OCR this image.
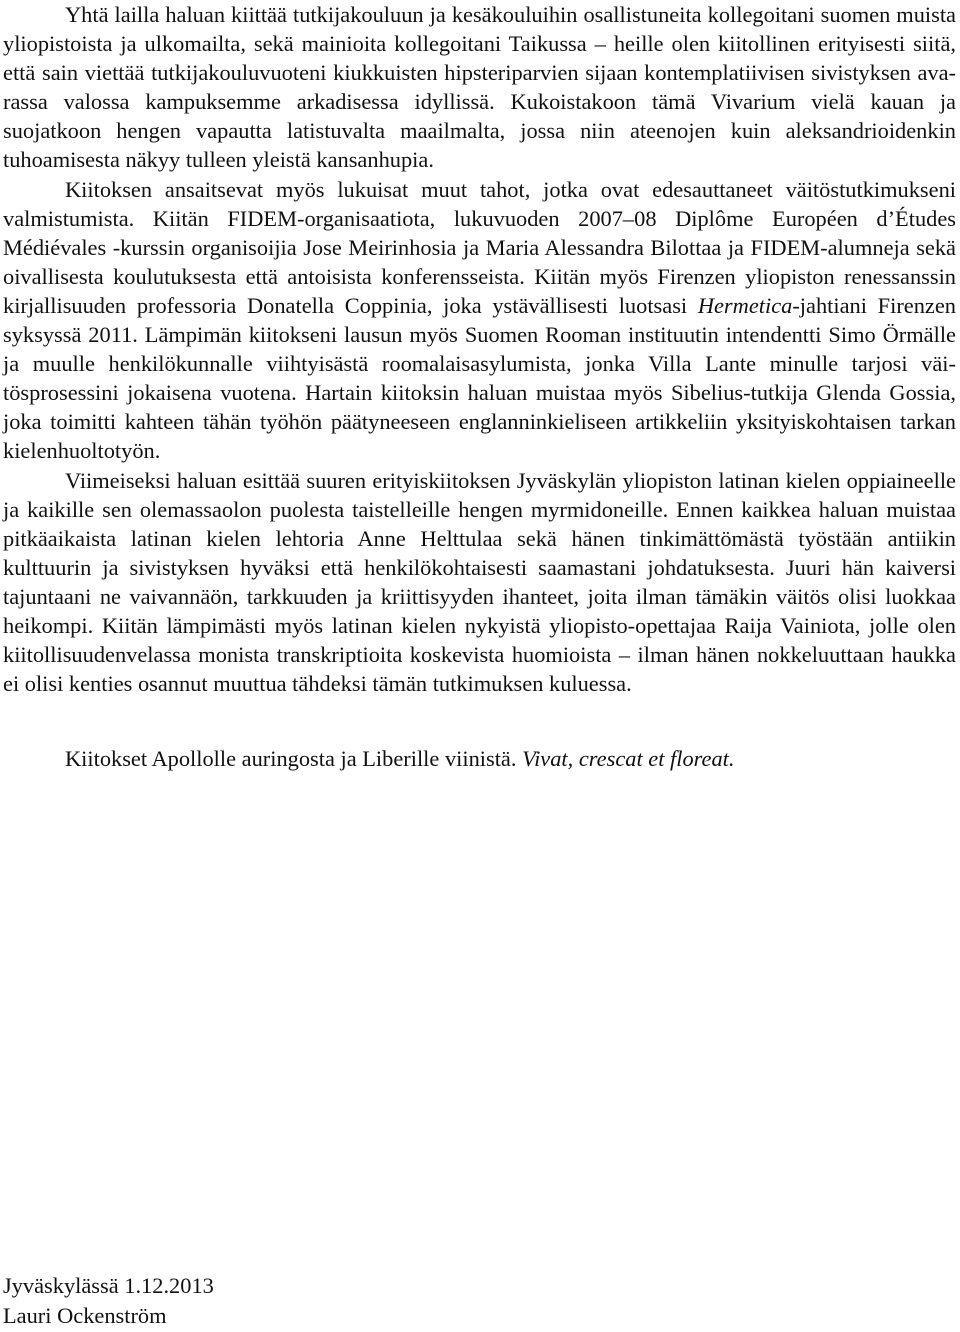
Yhtä lailla haluan kiittää tutkijakouluun ja kesäkouluihin osallistuneita kollegoitani suomen muista yliopistoista ja ulkomailta, sekä mainioita kollegoitani Taikussa – heille olen kiitollinen erityisesti siitä, että sain viettää tutkijakouluvuoteni kiukkuisten hipsteriparvien sijaan kontemplatiivisen sivistyksen avarassa valossa kampuksemme arkadisessa idyllissä. Kukoistakoon tämä Vivarium vielä kauan ja suojatkoon hengen vapautta latistuvalta maailmalta, jossa niin ateenojen kuin aleksandrioidenkin tuhoamisesta näkyy tulleen yleistä kansanhupia.

Kiitoksen ansaitsevat myös lukuisat muut tahot, jotka ovat edesauttaneet väitöstutkimukseni valmistumista. Kiitän FIDEM-organisaatiota, lukuvuoden 2007–08 Diplôme Européen d’Études Médiévales -kurssin organisoijia Jose Meirinhosia ja Maria Alessandra Bilottaa ja FIDEM-alumneja sekä oivallisesta koulutuksesta että antoisista konferensseista. Kiitän myös Firenzen yliopiston renessanssin kirjallisuuden professoria Donatella Coppinia, joka ystävällisesti luotsasi Hermetica-jahtiani Firenzen syksyssä 2011. Lämpimän kiitokseni lausun myös Suomen Rooman instituutin intendentti Simo Örmälle ja muulle henkilökunnalle viihtyisästä roomalaisasylumista, jonka Villa Lante minulle tarjosi väitösprosessini jokaisena vuotena. Hartain kiitoksin haluan muistaa myös Sibelius-tutkija Glenda Gossia, joka toimitti kahteen tähän työhön päätyneeseen englanninkieliseen artikkeliin yksityiskohtaisen tarkan kielenhuoltotyön.

Viimeiseksi haluan esittää suuren erityiskiitoksen Jyväskylän yliopiston latinan kielen oppiaineelle ja kaikille sen olemassaolon puolesta taistelleille hengen myrmidoneille. Ennen kaikkea haluan muistaa pitkäaikaista latinan kielen lehtoria Anne Helttulaa sekä hänen tinkimättömästä työstään antiikin kulttuurin ja sivistyksen hyväksi että henkilökohtaisesti saamastani johdatuksesta. Juuri hän kaiversi tajuntaani ne vaivannäön, tarkkuuden ja kriittisyyden ihanteet, joita ilman tämäkin väitös olisi luokkaa heikompi. Kiitän lämpimästi myös latinan kielen nykyistä yliopisto-opettajaa Raija Vainiota, jolle olen kiitollisuudenvelassa monista transkriptioita koskevista huomioista – ilman hänen nokkeluuttaan haukka ei olisi kenties osannut muuttua tähdeksi tämän tutkimuksen kuluessa.

Kiitokset Apollolle auringosta ja Liberille viinistä. Vivat, crescat et floreat.

Jyväskylässä 1.12.2013
Lauri Ockenström
